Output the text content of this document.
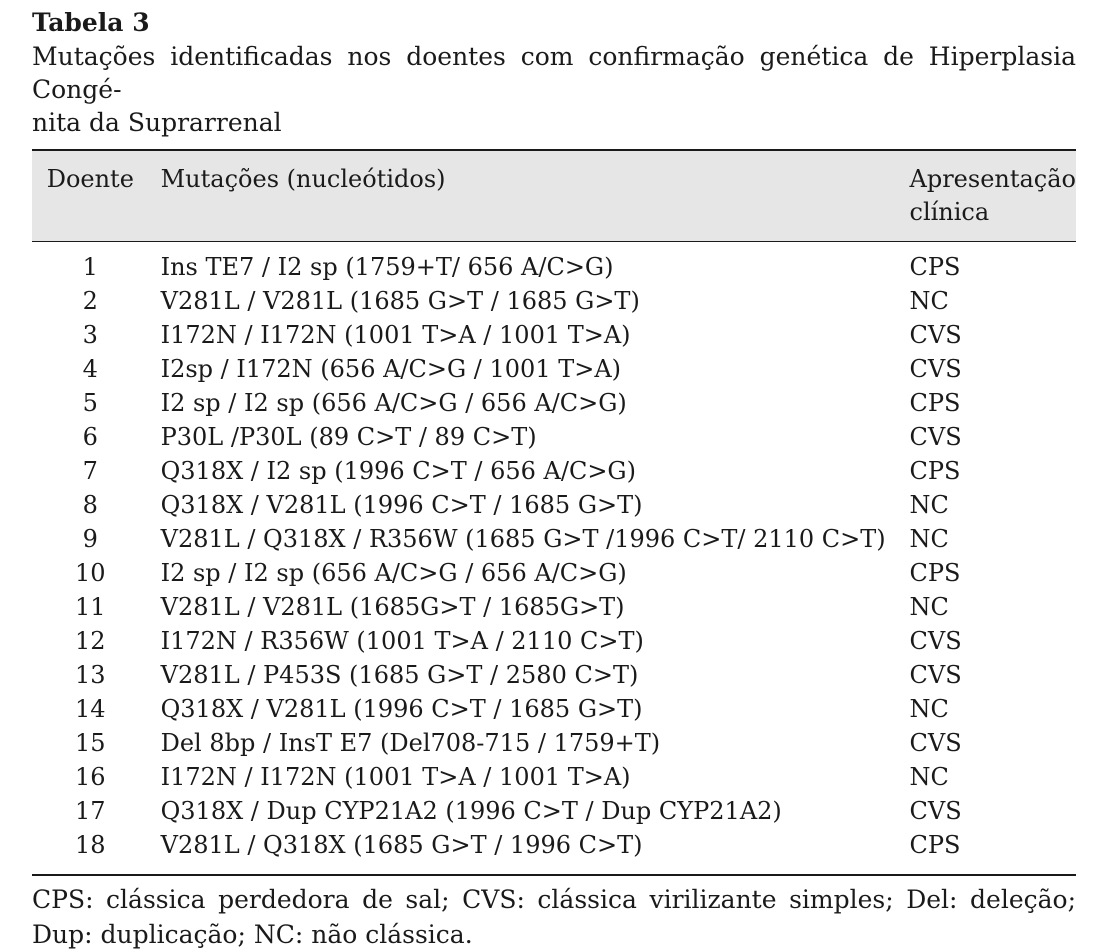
Tabela 3

Mutações identificadas nos doentes com confirmação genética de Hiperplasia Congé-
nita da Suprarrenal

Doente	Mutações (nucleótidos)	Apresentação
clínica
1	Ins TE7 / I2 sp (1759+T/ 656 A/C>G)	CPS
2	V281L / V281L (1685 G>T / 1685 G>T)	NC
3	I172N / I172N (1001 T>A / 1001 T>A)	CVS
4	I2sp / I172N (656 A/C>G / 1001 T>A)	CVS
5	I2 sp / I2 sp (656 A/C>G / 656 A/C>G)	CPS
6	P30L /P30L (89 C>T / 89 C>T)	CVS
7	Q318X / I2 sp (1996 C>T / 656 A/C>G)	CPS
8	Q318X / V281L (1996 C>T / 1685 G>T)	NC
9	V281L / Q318X / R356W (1685 G>T /1996 C>T/ 2110 C>T)	NC
10	I2 sp / I2 sp (656 A/C>G / 656 A/C>G)	CPS
11	V281L / V281L (1685G>T / 1685G>T)	NC
12	I172N / R356W (1001 T>A / 2110 C>T)	CVS
13	V281L / P453S (1685 G>T / 2580 C>T)	CVS
14	Q318X / V281L (1996 C>T / 1685 G>T)	NC
15	Del 8bp / InsT E7 (Del708-715 / 1759+T)	CVS
16	I172N / I172N (1001 T>A / 1001 T>A)	NC
17	Q318X / Dup CYP21A2 (1996 C>T / Dup CYP21A2)	CVS
18	V281L / Q318X (1685 G>T / 1996 C>T)	CPS

CPS: clássica perdedora de sal; CVS: clássica virilizante simples; Del: deleção; Dup: duplicação; NC: não clássica.
